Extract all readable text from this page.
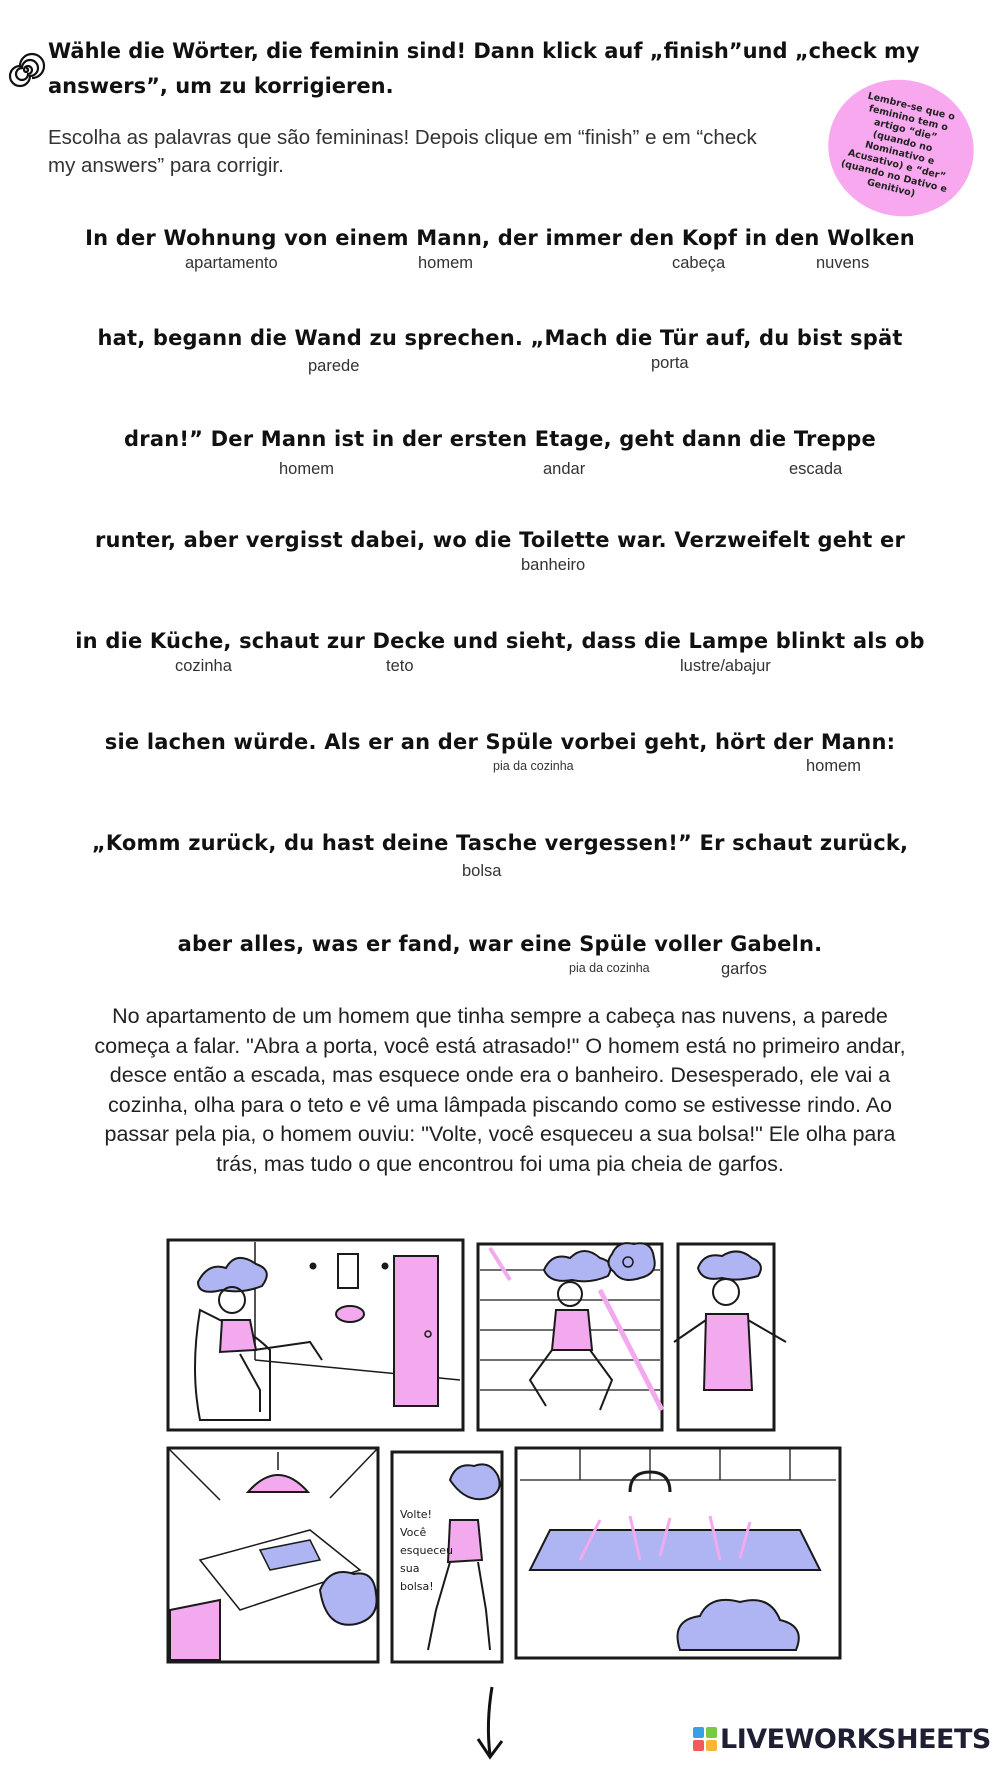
Wähle die Wörter, die feminin sind! Dann klick auf „finish”und „check my answers”, um zu korrigieren.
Escolha as palavras que são femininas! Depois clique em “finish” e em “check my answers” para corrigir.
Lembre-se que o feminino tem o artigo “die” (quando no Nominativo e Acusativo) e “der” (quando no Dativo e Genitivo)
In der Wohnung von einem Mann, der immer den Kopf in den Wolken
apartamento	homem	cabeça	nuvens
hat, begann die Wand zu sprechen. „Mach die Tür auf, du bist spät
parede	porta
dran!” Der Mann ist in der ersten Etage, geht dann die Treppe
homem	andar	escada
runter, aber vergisst dabei, wo die Toilette war. Verzweifelt geht er
banheiro
in die Küche, schaut zur Decke und sieht, dass die Lampe blinkt als ob
cozinha	teto	lustre/abajur
sie lachen würde. Als er an der Spüle vorbei geht, hört der Mann:
pia da cozinha	homem
„Komm zurück, du hast deine Tasche vergessen!” Er schaut zurück,
bolsa
aber alles, was er fand, war eine Spüle voller Gabeln.
pia da cozinha	garfos
No apartamento de um homem que tinha sempre a cabeça nas nuvens, a parede começa a falar. "Abra a porta, você está atrasado!" O homem está no primeiro andar, desce então a escada, mas esquece onde era o banheiro. Desesperado, ele vai a cozinha, olha para o teto e vê uma lâmpada piscando como se estivesse rindo. Ao passar pela pia, o homem ouviu: "Volte, você esqueceu a sua bolsa!" Ele olha para trás, mas tudo o que encontrou foi uma pia cheia de garfos.
Volte!
Você
esqueceu
sua
bolsa!
LIVEWORKSHEETS
